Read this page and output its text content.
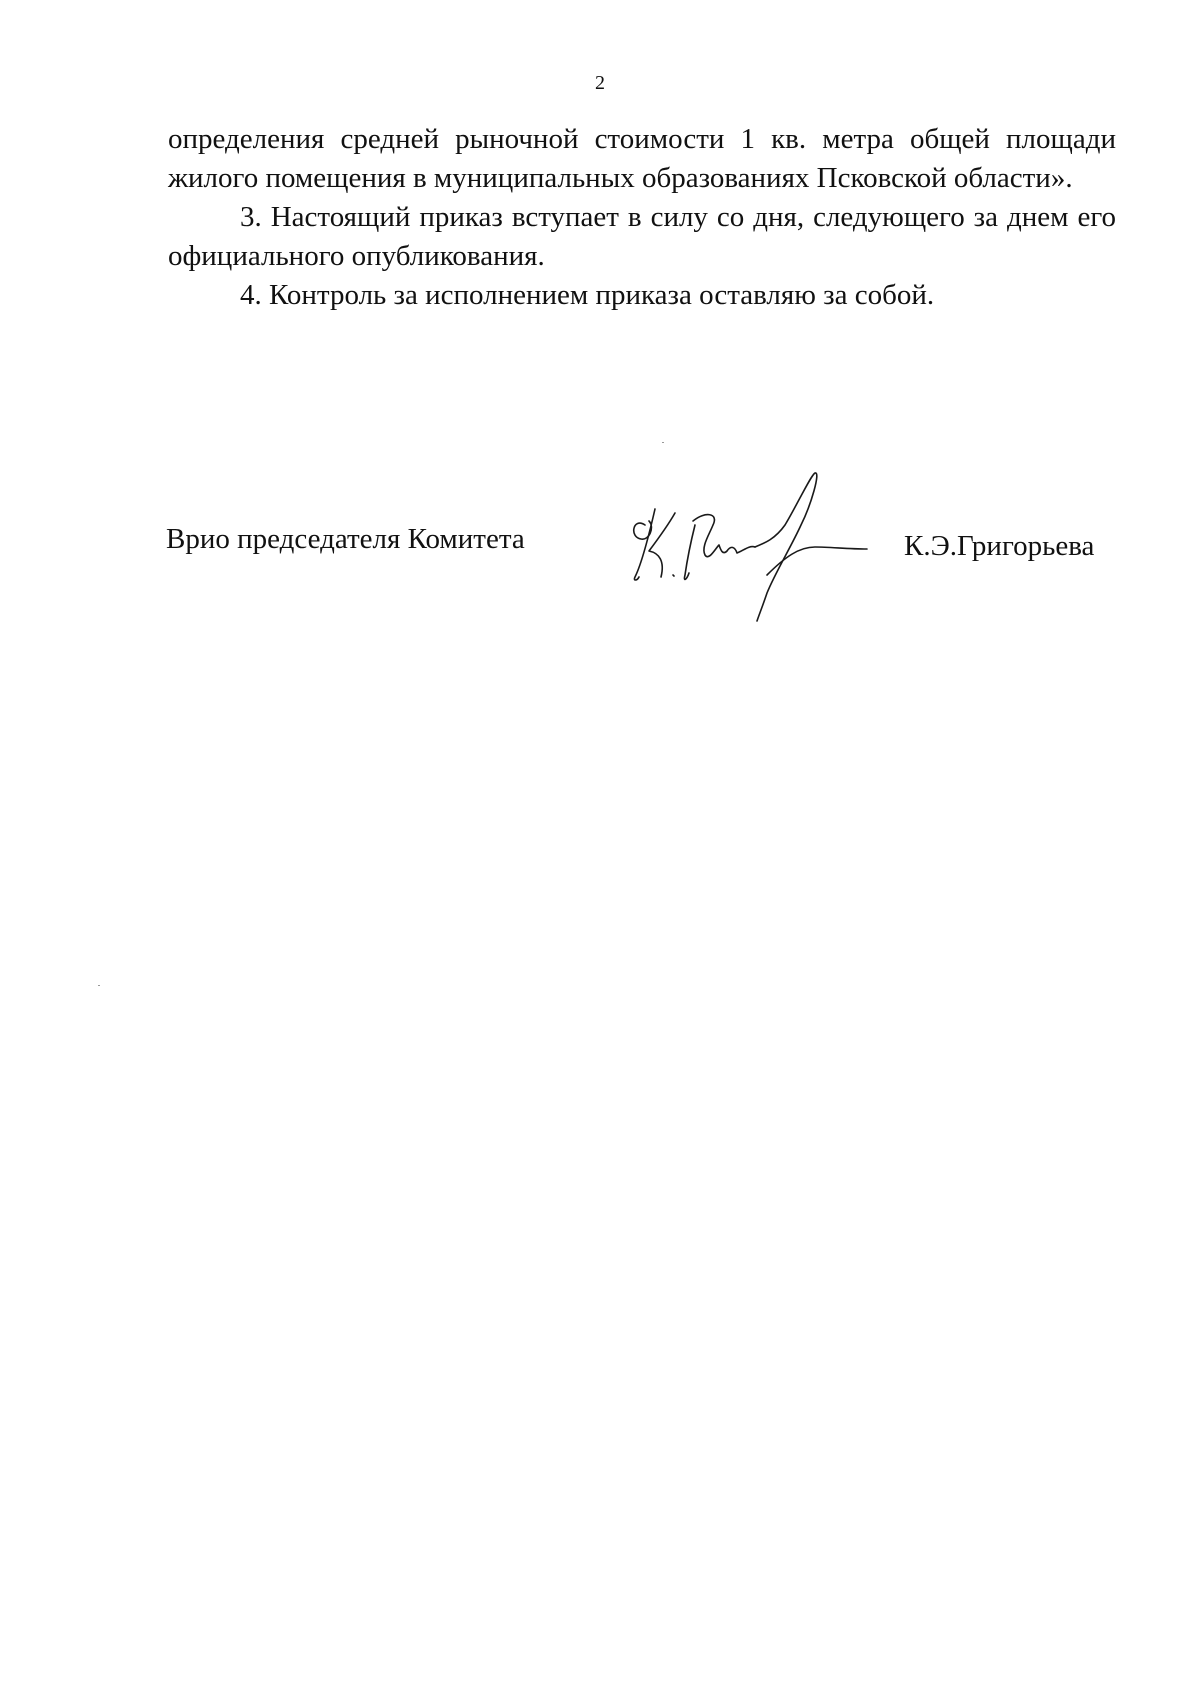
2

определения средней рыночной стоимости 1 кв. метра общей площади жилого помещения в муниципальных образованиях Псковской области».

3. Настоящий приказ вступает в силу со дня, следующего за днем его официального опубликования.

4. Контроль за исполнением приказа оставляю за собой.

Врио председателя Комитета	К.Э.Григорьева
